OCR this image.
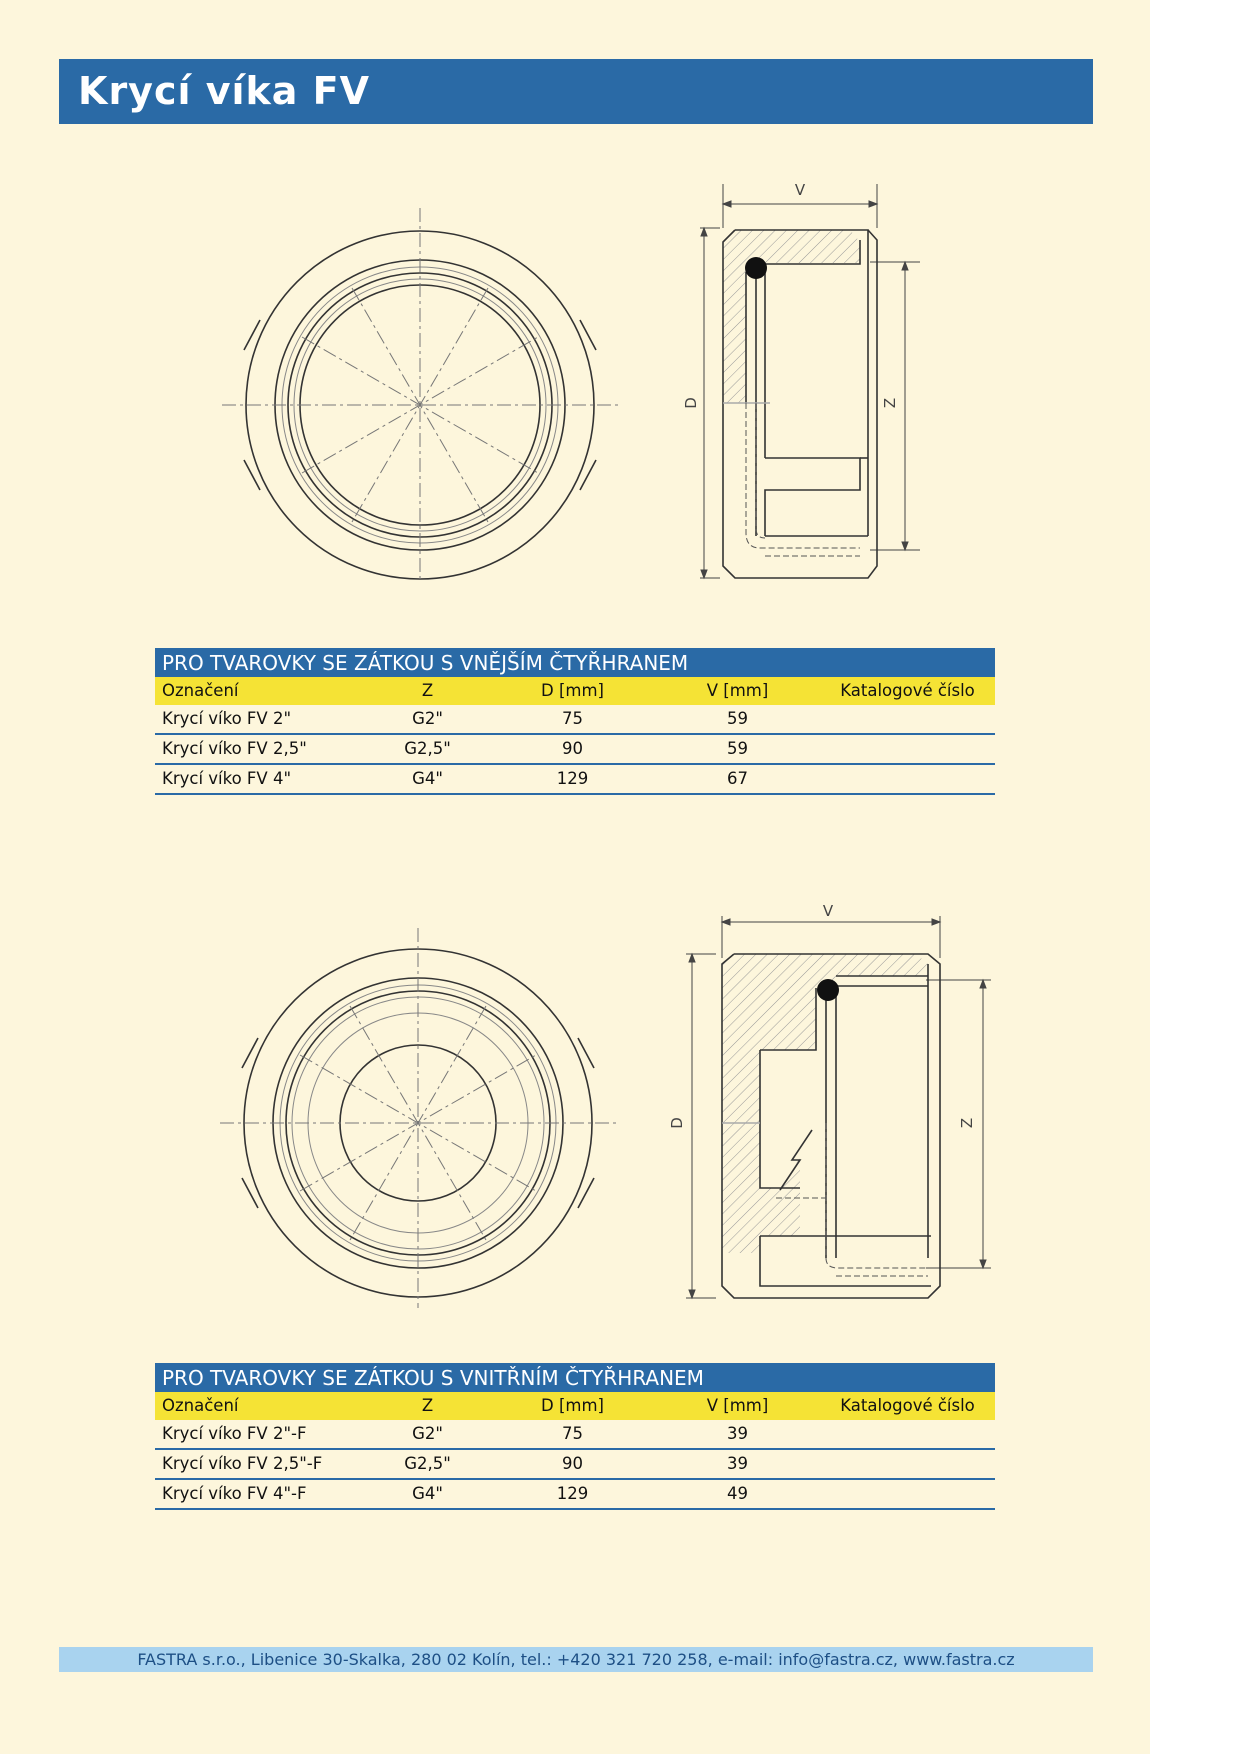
Krycí víka FV
V
D	Z
PRO TVAROVKY SE ZÁTKOU S VNĚJŠÍM ČTYŘHRANEM
Označení	Z	D [mm]	V [mm]	Katalogové číslo
Krycí víko FV 2"	G2"	75	59
Krycí víko FV 2,5"	G2,5"	90	59
Krycí víko FV 4"	G4"	129	67
V
D	Z
PRO TVAROVKY SE ZÁTKOU S VNITŘNÍM ČTYŘHRANEM
Označení	Z	D [mm]	V [mm]	Katalogové číslo
Krycí víko FV 2"-F	G2"	75	39
Krycí víko FV 2,5"-F	G2,5"	90	39
Krycí víko FV 4"-F	G4"	129	49
FASTRA s.r.o., Libenice 30-Skalka, 280 02 Kolín, tel.: +420 321 720 258, e-mail: info@fastra.cz, www.fastra.cz
